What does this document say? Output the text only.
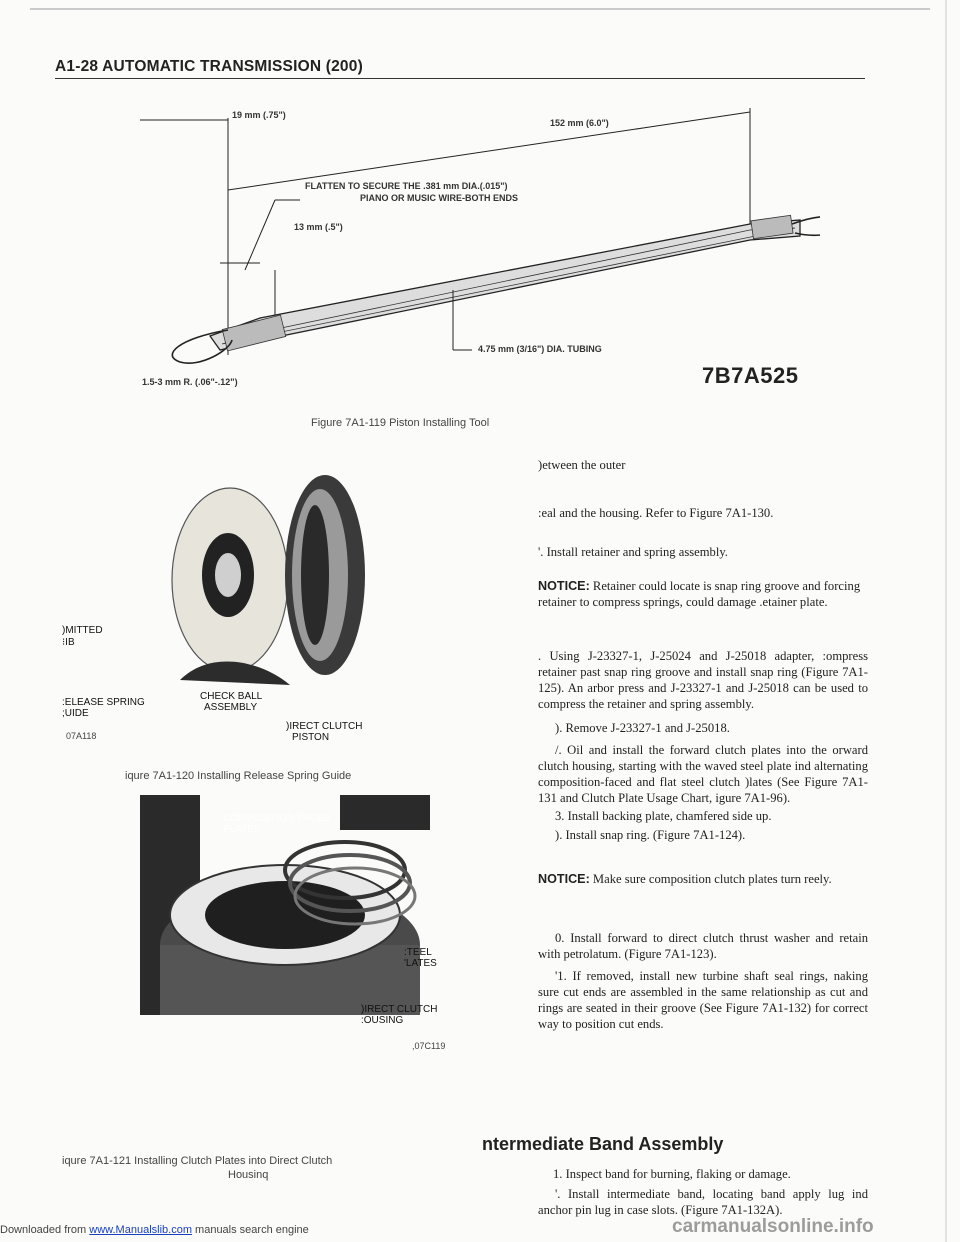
A1-28 AUTOMATIC TRANSMISSION (200)
19 mm (.75")
152 mm (6.0")
FLATTEN TO SECURE THE .381 mm DIA.(.015")
PIANO OR MUSIC WIRE-BOTH ENDS
13 mm (.5")
4.75 mm (3/16") DIA. TUBING
1.5-3 mm R. (.06"-.12")	7B7A525
Figure 7A1-119 Piston Installing Tool
)MITTED
⁝IB
:ELEASE SPRING
;UIDE
CHECK BALL
ASSEMBLY
)IRECT CLUTCH
PISTON
07A118
iqure 7A1-120 Installing Release Spring Guide
COMPOSITION-FACED
PLATES
:TEEL
'LATES
)IRECT CLUTCH
:OUSING
,07C119
iqure 7A1-121 Installing Clutch Plates into Direct Clutch
Housinq
)etween the outer
:eal and the housing. Refer to Figure 7A1-130.
'. Install retainer and spring assembly.
NOTICE: Retainer could locate is snap ring groove and forcing retainer to compress springs, could damage .etainer plate.
. Using J-23327-1, J-25024 and J-25018 adapter, :ompress retainer past snap ring groove and install snap ring (Figure 7A1-125). An arbor press and J-23327-1 and J-25018 can be used to compress the retainer and spring assembly.
). Remove J-23327-1 and J-25018.
/. Oil and install the forward clutch plates into the orward clutch housing, starting with the waved steel plate ind alternating composition-faced and flat steel clutch )lates (See Figure 7A1-131 and Clutch Plate Usage Chart, igure 7A1-96).
3. Install backing plate, chamfered side up.
). Install snap ring. (Figure 7A1-124).
NOTICE: Make sure composition clutch plates turn reely.
0. Install forward to direct clutch thrust washer and retain with petrolatum. (Figure 7A1-123).
'1. If removed, install new turbine shaft seal rings, naking sure cut ends are assembled in the same relationship as cut and rings are seated in their groove (See Figure 7A1-132) for correct way to position cut ends.
ntermediate Band Assembly
1. Inspect band for burning, flaking or damage.
'. Install intermediate band, locating band apply lug ind anchor pin lug in case slots. (Figure 7A1-132A).
Downloaded from www.Manualslib.com manuals search engine	carmanualsonline.info
